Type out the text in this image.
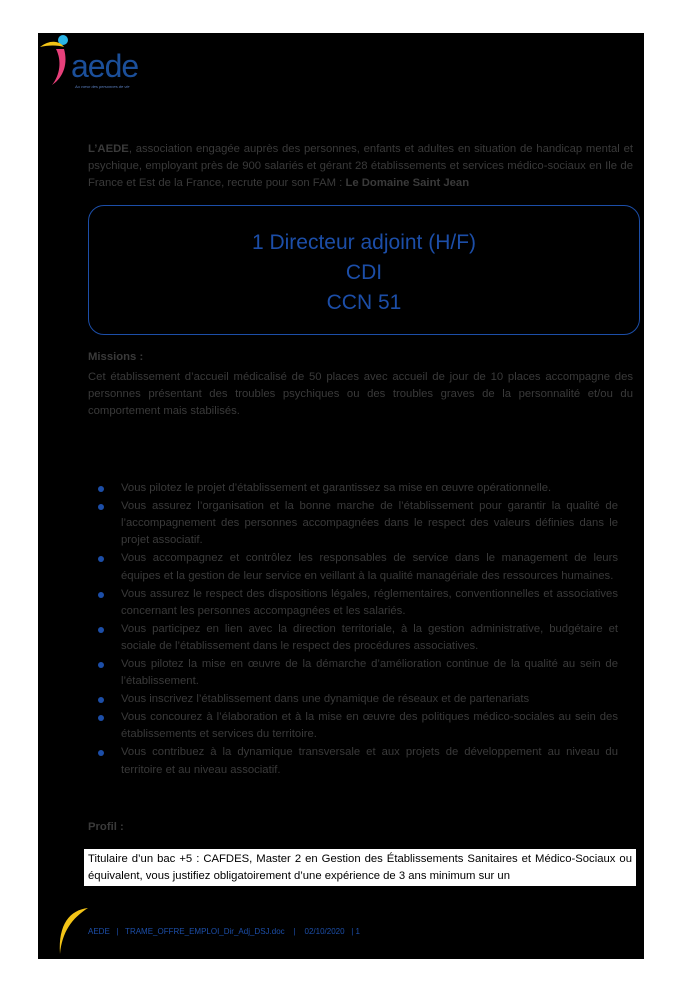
aede
Au cœur des personnes de vie
L’AEDE, association engagée auprès des personnes, enfants et adultes en situation de handicap mental et psychique, employant près de 900 salariés et gérant 28 établissements et services médico-sociaux en Ile de France et Est de la France, recrute pour son FAM : Le Domaine Saint Jean
1 Directeur adjoint (H/F)
CDI
CCN 51
Missions :
Cet établissement d’accueil médicalisé de 50 places avec accueil de jour de 10 places accompagne des personnes présentant des troubles psychiques ou des troubles graves de la personnalité et/ou du comportement mais stabilisés.
Vous pilotez le projet d’établissement et garantissez sa mise en œuvre opérationnelle.
Vous assurez l’organisation et la bonne marche de l’établissement pour garantir la qualité de l’accompagnement des personnes accompagnées dans le respect des valeurs définies dans le projet associatif.
Vous accompagnez et contrôlez les responsables de service dans le management de leurs équipes et la gestion de leur service en veillant à la qualité managériale des ressources humaines.
Vous assurez le respect des dispositions légales, réglementaires, conventionnelles et associatives concernant les personnes accompagnées et les salariés.
Vous participez en lien avec la direction territoriale, à la gestion administrative, budgétaire et sociale de l’établissement dans le respect des procédures associatives.
Vous pilotez la mise en œuvre de la démarche d’amélioration continue de la qualité au sein de l’établissement.
Vous inscrivez l’établissement dans une dynamique de réseaux et de partenariats
Vous concourez à l’élaboration et à la mise en œuvre des politiques médico-sociales au sein des établissements et services du territoire.
Vous contribuez à la dynamique transversale et aux projets de développement au niveau du territoire et au niveau associatif.
Profil :
Titulaire d’un bac +5 : CAFDES, Master 2 en Gestion des Établissements Sanitaires et Médico-Sociaux ou équivalent, vous justifiez obligatoirement d’une expérience de 3 ans minimum sur un
AEDE   |   TRAME_OFFRE_EMPLOI_Dir_Adj_DSJ.doc    |    02/10/2020   | 1
